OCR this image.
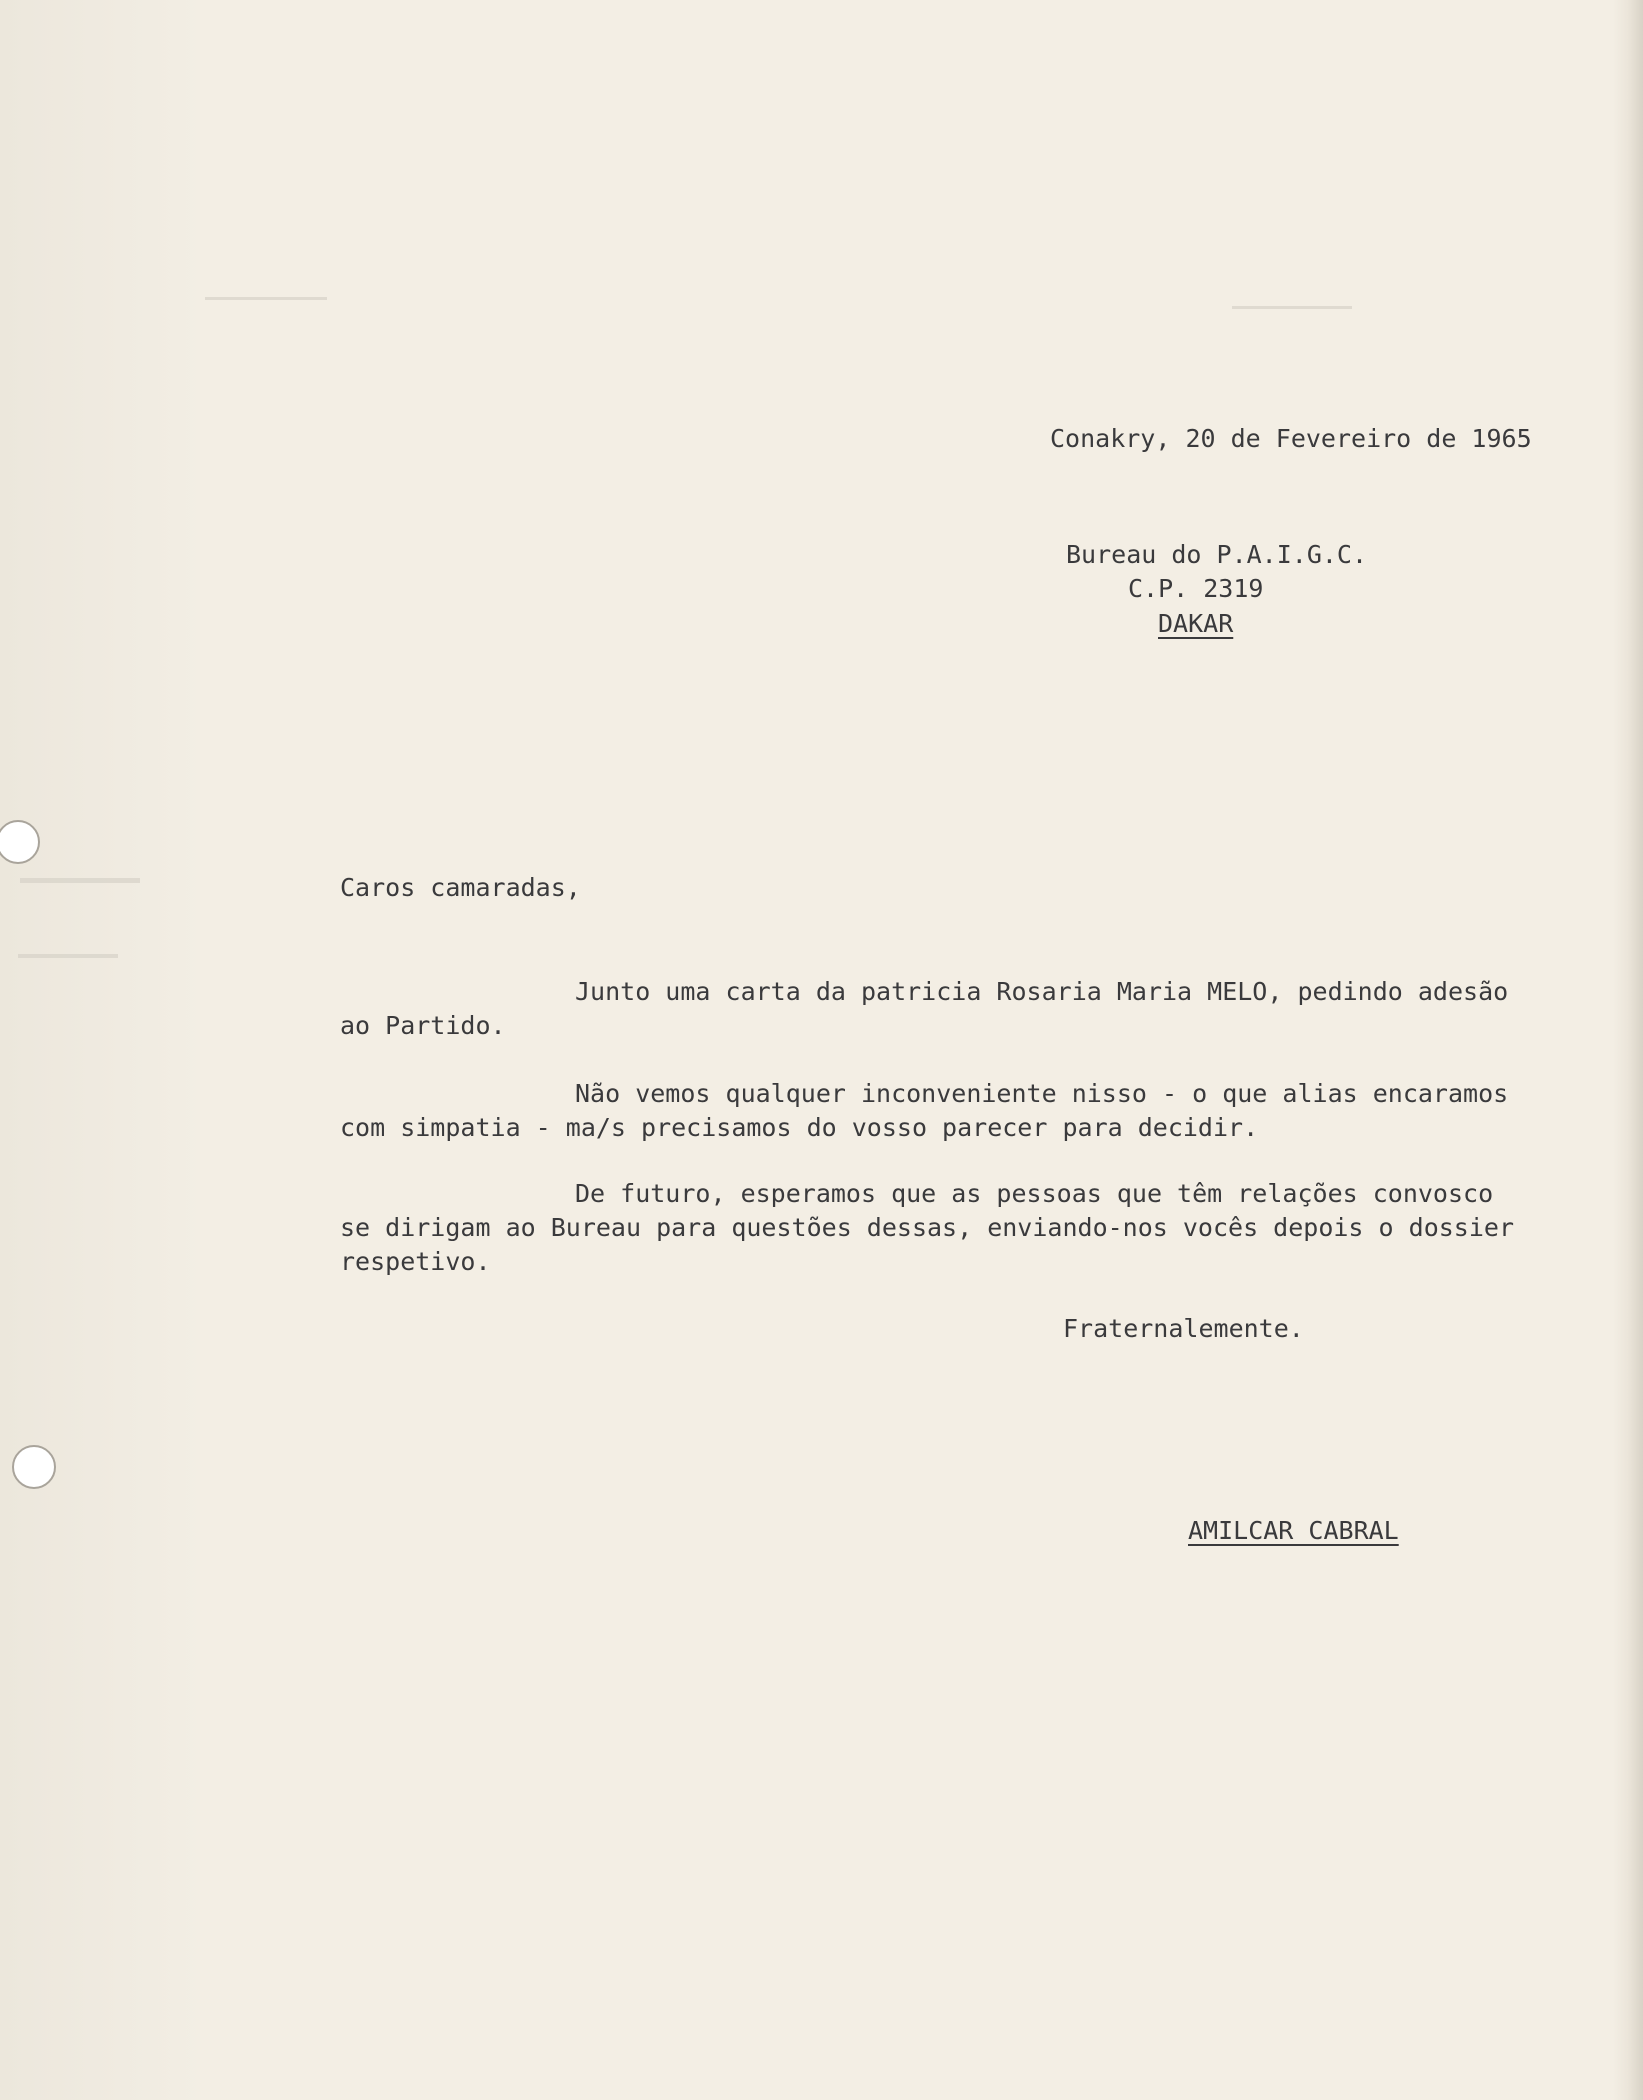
Conakry, 20 de Fevereiro de 1965

Bureau do P.A.I.G.C.

C.P. 2319

DAKAR

Caros camaradas,

Junto uma carta da patricia Rosaria Maria MELO, pedindo adesão

ao Partido.

Não vemos qualquer inconveniente nisso - o que alias encaramos

com simpatia - ma/s precisamos do vosso parecer para decidir.

De futuro, esperamos que as pessoas que têm relações convosco

se dirigam ao Bureau para questões dessas, enviando-nos vocês depois o dossier

respetivo.

Fraternalemente.

AMILCAR CABRAL
